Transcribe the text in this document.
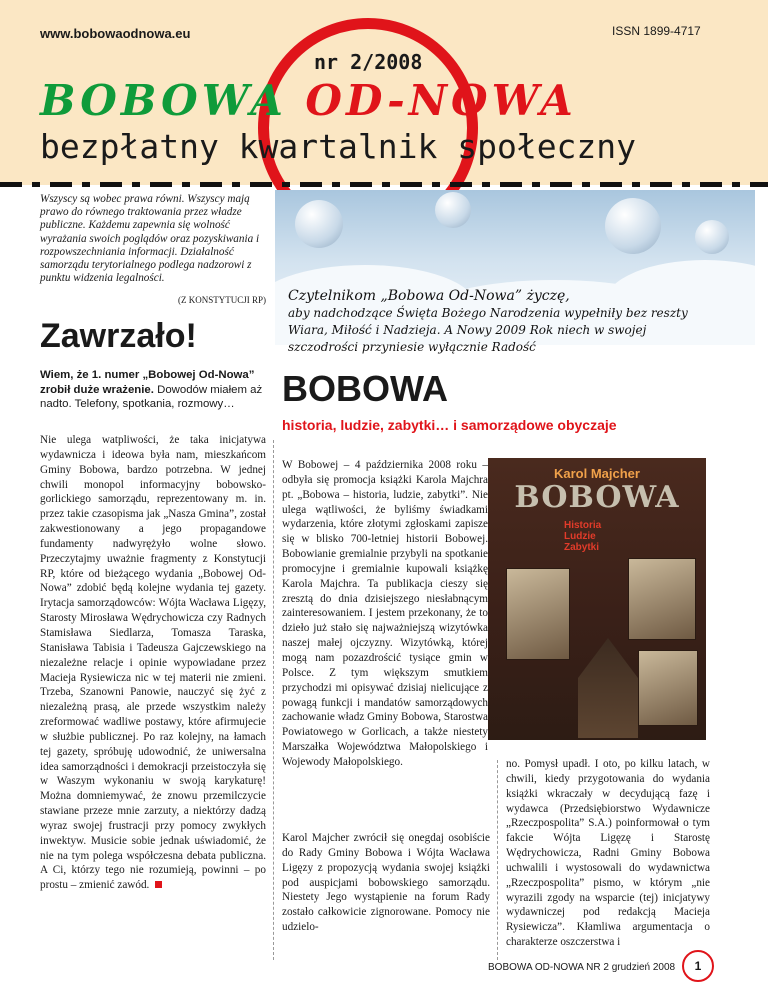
www.bobowaodnowa.eu	ISSN 1899-4717
nr 2/2008
BOBOWA OD-NOWA
bezpłatny kwartalnik społeczny
Wszyscy są wobec prawa równi. Wszyscy mają prawo do równego traktowania przez władze publiczne. Każdemu zapewnia się wolność wyrażania swoich poglądów oraz pozyskiwania i rozpowszechniania informacji. Działalność samorządu terytorialnego podlega nadzorowi z punktu widzenia legalności.
(Z KONSTYTUCJI RP) Czytelnikom „Bobowa Od-Nowa” życzę,
aby nadchodzące Święta Bożego Narodzenia wypełniły bez reszty
Wiara, Miłość i Nadzieja. A Nowy 2009 Rok niech w swojej
szczodrości przyniesie wyłącznie Radość
Zawrzało!
Wiem, że 1. numer „Bobowej Od-Nowa” zrobił duże wrażenie. Dowodów miałem aż nadto. Telefony, spotkania, rozmowy…
Nie ulega watpliwości, że taka inicjatywa wydawnicza i ideowa była nam, mieszkańcom Gminy Bobowa, bardzo potrzebna. W jednej chwili monopol informacyjny bobowsko-gorlickiego samorządu, reprezentowany m. in. przez takie czasopisma jak „Nasza Gmina”, został zakwestionowany a jego propagandowe fundamenty nadwyrężyło wolne słowo. Przeczytajmy uważnie fragmenty z Konstytucji RP, które od bieżącego wydania „Bobowej Od-Nowa” zdobić będą kolejne wydania tej gazety. Irytacja samorządowców: Wójta Wacława Ligęzy, Starosty Mirosława Wędrychowicza czy Radnych Stamisława Siedlarza, Tomasza Taraska, Stanisława Tabisia i Tadeusza Gajczewskiego na niezależne relacje i opinie wypowiadane przez Macieja Rysiewicza nic w tej materii nie zmieni. Trzeba, Szanowni Panowie, nauczyć się żyć z niezależną prasą, ale przede wszystkim należy zreformować wadliwe postawy, które afirmujecie w służbie publicznej. Po raz kolejny, na łamach tej gazety, spróbuję udowodnić, że uniwersalna idea samorządności i demokracji przeistoczyła się w Waszym wykonaniu w swoją karykaturę! Można domniemywać, że znowu przemilczycie stawiane przeze mnie zarzuty, a niektórzy dadzą wyraz swojej frustracji przy pomocy zwykłych inwektyw. Musicie sobie jednak uświadomić, że nie na tym polega współczesna debata publiczna. A Ci, którzy tego nie rozumieją, powinni – po prostu – zmienić zawód.
BOBOWA
historia, ludzie, zabytki… i samorządowe obyczaje
W Bobowej – 4 października 2008 roku – odbyła się promocja książki Karola Majchra pt. „Bobowa – historia, ludzie, zabytki”. Nie ulega wątliwości, że byliśmy świadkami wydarzenia, które złotymi zgłoskami zapisze się w blisko 700-letniej historii Bobowej. Bobowianie gremialnie przybyli na spotkanie promocyjne i gremialnie kupowali książkę Karola Majchra. Ta publikacja cieszy się zresztą do dnia dzisiejszego niesłabnącym zainteresowaniem. I jestem przekonany, że to dzieło już stało się najważniejszą wizytówka naszej małej ojczyzny. Wizytówką, której mogą nam pozazdrościć tysiące gmin w Polsce. Z tym większym smutkiem przychodzi mi opisywać dzisiaj nielicujące z powagą funkcji i mandatów samorządowych zachowanie władz Gminy Bobowa, Starostwa Powiatowego w Gorlicach, a także niestety Marszałka Województwa Małopolskiego i Wojewody Małopolskiego.
Karol Majcher zwrócił się onegdaj osobiście do Rady Gminy Bobowa i Wójta Wacława Ligęzy z propozycją wydania swojej książki pod auspicjami bobowskiego samorządu. Niestety Jego wystąpienie na forum Rady zostało całkowicie zignorowane. Pomocy nie udzielo-
no. Pomysł upadł. I oto, po kilku latach, w chwili, kiedy przygotowania do wydania książki wkraczały w decydującą fazę i wydawca (Przedsiębiorstwo Wydawnicze „Rzeczpospolita” S.A.) poinformował o tym fakcie Wójta Ligęzę i Starostę Wędrychowicza, Radni Gminy Bobowa uchwalili i wystosowali do wydawnictwa „Rzeczpospolita” pismo, w którym „nie wyrazili zgody na wsparcie (tej) inicjatywy wydawniczej pod redakcją Macieja Rysiewicza”. Kłamliwa argumentacja o charakterze oszczerstwa i
Karol Majcher
BOBOWA
Historia
Ludzie
Zabytki
BOBOWA OD-NOWA NR 2 grudzień 2008	1
